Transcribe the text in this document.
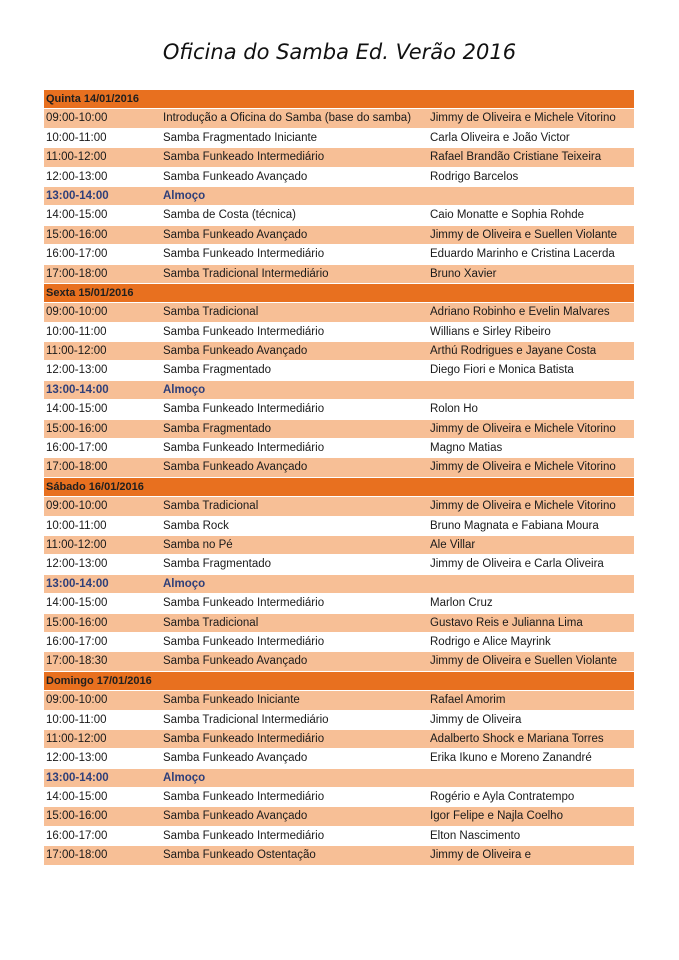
Oficina do Samba Ed. Verão 2016
Quinta 14/01/2016
09:00-10:00	Introdução a Oficina do Samba (base do samba)	Jimmy de Oliveira e Michele Vitorino
10:00-11:00	Samba Fragmentado Iniciante	Carla Oliveira e João Victor
11:00-12:00	Samba Funkeado Intermediário	Rafael Brandão Cristiane Teixeira
12:00-13:00	Samba Funkeado Avançado	Rodrigo Barcelos
13:00-14:00	Almoço
14:00-15:00	Samba de Costa (técnica)	Caio Monatte e Sophia Rohde
15:00-16:00	Samba Funkeado Avançado	Jimmy de Oliveira e Suellen Violante
16:00-17:00	Samba Funkeado Intermediário	Eduardo Marinho e Cristina Lacerda
17:00-18:00	Samba Tradicional Intermediário	Bruno Xavier
Sexta 15/01/2016
09:00-10:00	Samba Tradicional	Adriano Robinho e Evelin Malvares
10:00-11:00	Samba Funkeado Intermediário	Willians e Sirley Ribeiro
11:00-12:00	Samba Funkeado Avançado	Arthú Rodrigues e Jayane Costa
12:00-13:00	Samba Fragmentado	Diego Fiori e Monica Batista
13:00-14:00	Almoço
14:00-15:00	Samba Funkeado Intermediário	Rolon Ho
15:00-16:00	Samba Fragmentado	Jimmy de Oliveira e Michele Vitorino
16:00-17:00	Samba Funkeado Intermediário	Magno Matias
17:00-18:00	Samba Funkeado Avançado	Jimmy de Oliveira e Michele Vitorino
Sábado 16/01/2016
09:00-10:00	Samba Tradicional	Jimmy de Oliveira e Michele Vitorino
10:00-11:00	Samba Rock	Bruno Magnata e Fabiana Moura
11:00-12:00	Samba no Pé	Ale Villar
12:00-13:00	Samba Fragmentado	Jimmy de Oliveira e Carla Oliveira
13:00-14:00	Almoço
14:00-15:00	Samba Funkeado Intermediário	Marlon Cruz
15:00-16:00	Samba Tradicional	Gustavo Reis e Julianna Lima
16:00-17:00	Samba Funkeado Intermediário	Rodrigo e Alice Mayrink
17:00-18:30	Samba Funkeado Avançado	Jimmy de Oliveira e Suellen Violante
Domingo 17/01/2016
09:00-10:00	Samba Funkeado Iniciante	Rafael Amorim
10:00-11:00	Samba Tradicional Intermediário	Jimmy de Oliveira
11:00-12:00	Samba Funkeado Intermediário	Adalberto Shock e Mariana Torres
12:00-13:00	Samba Funkeado Avançado	Erika Ikuno e Moreno Zanandré
13:00-14:00	Almoço
14:00-15:00	Samba Funkeado Intermediário	Rogério e Ayla Contratempo
15:00-16:00	Samba Funkeado Avançado	Igor Felipe e Najla Coelho
16:00-17:00	Samba Funkeado Intermediário	Elton Nascimento
17:00-18:00	Samba Funkeado Ostentação	Jimmy de Oliveira e
